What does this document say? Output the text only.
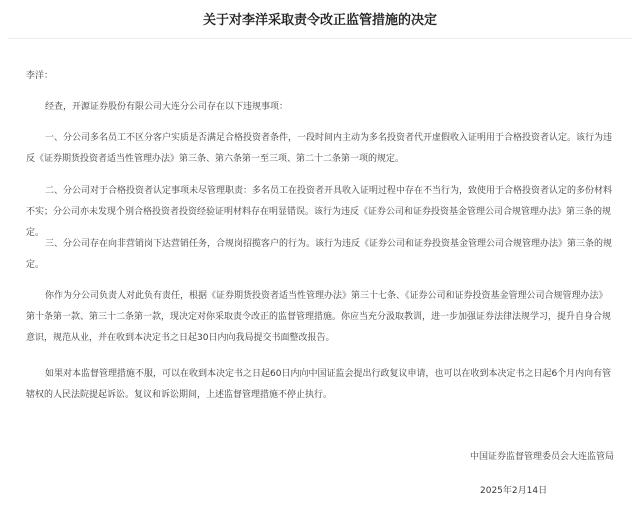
关于对李洋采取责令改正监管措施的决定

李洋：

经查，开源证券股份有限公司大连分公司存在以下违规事项：

一、分公司多名员工不区分客户实质是否满足合格投资者条件，一段时间内主动为多名投资者代开虚假收入证明用于合格投资者认定。该行为违反《证券期货投资者适当性管理办法》第三条、第六条第一至三项、第二十二条第一项的规定。

二、分公司对于合格投资者认定事项未尽管理职责：多名员工在投资者开具收入证明过程中存在不当行为，致使用于合格投资者认定的多份材料不实；分公司亦未发现个别合格投资者投资经验证明材料存在明显错误。该行为违反《证券公司和证券投资基金管理公司合规管理办法》第三条的规定。

三、分公司存在向非营销岗下达营销任务，合规岗招揽客户的行为。该行为违反《证券公司和证券投资基金管理公司合规管理办法》第三条的规定。

你作为分公司负责人对此负有责任，根据《证券期货投资者适当性管理办法》第三十七条、《证券公司和证券投资基金管理公司合规管理办法》第十条第一款、第三十二条第一款，现决定对你采取责令改正的监督管理措施。你应当充分汲取教训，进一步加强证券法律法规学习，提升自身合规意识，规范从业，并在收到本决定书之日起30日内向我局提交书面整改报告。

如果对本监督管理措施不服，可以在收到本决定书之日起60日内向中国证监会提出行政复议申请，也可以在收到本决定书之日起6个月内向有管辖权的人民法院提起诉讼。复议和诉讼期间，上述监督管理措施不停止执行。

中国证券监督管理委员会大连监管局
2025年2月14日
